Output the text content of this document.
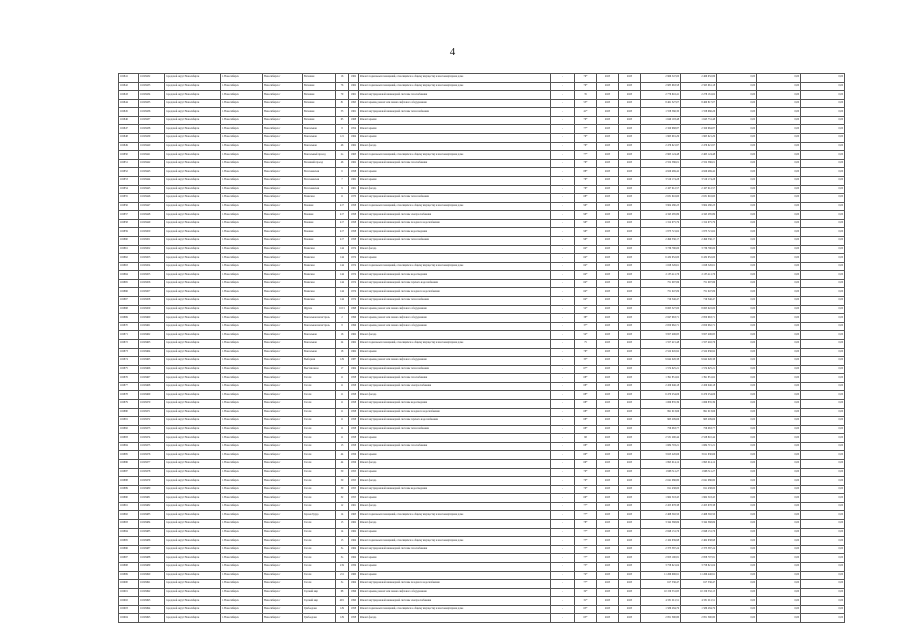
4
102841	11028432	городской округ Новосибирск	г. Новосибирск	Новосибирск г	Вагонная	16	1962	Ремонт подвальных помещений, относящихся к общему имуществу в многоквартирном доме	-	79*	2023	2023	2 966 547,00	2 466 932,86	0,00	0,00	0,00
102842	11028433	городской округ Новосибирск	г. Новосибирск	Новосибирск г	Вагонная	76	1962	Ремонт подвальных помещений, относящихся к общему имуществу в многоквартирном доме	-	79*	2023	2023	2 985 663,58	2 565 661,18	0,00	0,00	0,00
102843	11028434	городской округ Новосибирск	г. Новосибирск	Новосибирск г	Вагонная	79	1961	Ремонт внутридомовой инженерной системы газоснабжения	-	35	2023	2023	2 776 616,41	2 278 161,62	0,00	0,00	0,00
102844	11028435	городской округ Новосибирск	г. Новосибирск	Новосибирск г	Вагонная	81	1995	Ремонт крыши, ремонт или замена лифтового оборудования	-	53*	2023	2023	8 461 327,07	8 460 817,07	0,00	0,00	0,00
102845	11028436	городской округ Новосибирск	г. Новосибирск	Новосибирск г	Вагонная	53	1961	Ремонт внутридомовой инженерной системы теплоснабжения	-	41*	2023	2023	1 558 566,30	1 558 966,26	0,00	0,00	0,00
102846	11028437	городской округ Новосибирск	г. Новосибирск	Новосибирск г	Вагонная	65	1968	Ремонт крыши	-	79*	2023	2023	1 649 193,48	1 643 731,48	0,00	0,00	0,00
102847	11028438	городской округ Новосибирск	г. Новосибирск	Новосибирск г	Вокзальная	8	1954	Ремонт крыши	-	77*	2023	2023	2 320 968,87	2 320 964,87	0,00	0,00	0,00
102848	11028439	городской округ Новосибирск	г. Новосибирск	Новосибирск г	Вокзальная	121	1964	Ремонт крыши	-	79*	2023	2023	1 965 991,29	1 965 621,29	0,00	0,00	0,00
102849	11028440	городской округ Новосибирск	г. Новосибирск	Новосибирск г	Вокзальная	46	1962	Ремонт фасада	-	76*	2023	2023	2 476 621,97	2 476 621,97	0,00	0,00	0,00
102850	11028441	городской округ Новосибирск	г. Новосибирск	Новосибирск г	Вокзальный проезд	2а	1963	Ремонт подвальных помещений, относящихся к общему имуществу в многоквартирном доме	-	77*	2023	2023	2 965 124,48	2 465 124,48	0,00	0,00	0,00
102851	11028442	городской округ Новосибирск	г. Новосибирск	Новосибирск г	Весенний проезд	46	1962	Ремонт внутридомовой инженерной системы газоснабжения	-	76*	2023	2023	2 552 586,01	2 552 586,01	0,00	0,00	0,00
102852	11028443	городской округ Новосибирск	г. Новосибирск	Новосибирск г	Волочаевская	6	1958	Ремонт крыши	-	88*	2023	2023	4 929 469,42	4 929 469,42	0,00	0,00	0,00
102853	11028444	городской округ Новосибирск	г. Новосибирск	Новосибирск г	Волочаевская	7	1962	Ремонт крыши	-	76*	2023	2023	3 519 174,28	3 519 174,28	0,00	0,00	0,00
102854	11028445	городской округ Новосибирск	г. Новосибирск	Новосибирск г	Волочаевская	9	1961	Ремонт фасада	-	76*	2023	2023	2 167 912,57	2 167 912,57	0,00	0,00	0,00
102855	11028446	городской округ Новосибирск	г. Новосибирск	Новосибирск г	Воинская	11	1970	Ремонт внутридомовой инженерной системы теплоснабжения	-	68*	2023	2023	2 631 616,60	2 631 616,60	0,00	0,00	0,00
102856	11028447	городской округ Новосибирск	г. Новосибирск	Новосибирск г	Военная	417	1958	Ремонт подвальных помещений, относящихся к общему имуществу в многоквартирном доме	-	96*	2023	2023	3 904 280,23	3 904 280,23	0,00	0,00	0,00
102857	11028448	городской округ Новосибирск	г. Новосибирск	Новосибирск г	Военная	417	1958	Ремонт внутридомовой инженерной системы электроснабжения	-	96*	2023	2023	4 345 285,89	4 345 285,89	0,00	0,00	0,00
102858	11028449	городской округ Новосибирск	г. Новосибирск	Новосибирск г	Военная	417	1958	Ремонт внутридомовой инженерной системы холодного водоснабжения	-	96*	2023	2023	1 312 975,79	1 312 975,79	0,00	0,00	0,00
102859	11028450	городской округ Новосибирск	г. Новосибирск	Новосибирск г	Военная	417	1958	Ремонт внутридомовой инженерной системы водоотведения	-	96*	2023	2023	1 973 721,62	1 973 721,62	0,00	0,00	0,00
102860	11028451	городской округ Новосибирск	г. Новосибирск	Новосибирск г	Военная	417	1958	Ремонт внутридомовой инженерной системы теплоснабжения	-	96*	2023	2023	2 499 336,17	2 499 336,17	0,00	0,00	0,00
102861	11028452	городской округ Новосибирск	г. Новосибирск	Новосибирск г	Воинская	144	1974	Ремонт фасада	-	64*	2023	2023	3 736 790,00	3 736 790,00	0,00	0,00	0,00
102862	11028453	городской округ Новосибирск	г. Новосибирск	Новосибирск г	Воинская	144	1974	Ремонт крыши	-	64*	2023	2023	6 432 952,00	6 432 952,00	0,00	0,00	0,00
102863	11028454	городской округ Новосибирск	г. Новосибирск	Новосибирск г	Воинская	144	1974	Ремонт подвальных помещений, относящихся к общему имуществу в многоквартирном доме	-	64*	2023	2023	1 028 526,61	1 028 526,61	0,00	0,00	0,00
102864	11028455	городской округ Новосибирск	г. Новосибирск	Новосибирск г	Воинская	144	1974	Ремонт внутридомовой инженерной системы водоотведения	-	64*	2023	2023	2 135 411,76	2 135 411,76	0,00	0,00	0,00
102865	11028456	городской округ Новосибирск	г. Новосибирск	Новосибирск г	Воинская	144	1974	Ремонт внутридомовой инженерной системы горячего водоснабжения	-	64*	2023	2023	751 097,86	751 097,86	0,00	0,00	0,00
102866	11028457	городской округ Новосибирск	г. Новосибирск	Новосибирск г	Воинская	144	1974	Ремонт внутридомовой инженерной системы холодного водоснабжения	-	64*	2023	2023	751 047,09	751 047,09	0,00	0,00	0,00
102867	11028458	городской округ Новосибирск	г. Новосибирск	Новосибирск г	Воинская	144	1974	Ремонт внутридомовой инженерной системы теплоснабжения	-	64*	2023	2023	719 346,47	719 346,47	0,00	0,00	0,00
102868	11028459	городской округ Новосибирск	г. Новосибирск	Новосибирск г	Фрунзе	110/1	1998	Ремонт крыши, ремонт или замена лифтового оборудования	-	52*	2023	2023	8 065 327,00	8 065 922,00	0,00	0,00	0,00
102869	11028460	городской округ Новосибирск	г. Новосибирск	Новосибирск г	Вокзальная магистраль	2	1996	Ремонт крыши, ремонт или замена лифтового оборудования	-	38*	2023	2023	2 847 963,71	2 850 663,71	0,00	0,00	0,00
102870	11028461	городской округ Новосибирск	г. Новосибирск	Новосибирск г	Вокзальная магистраль	8	1996	Ремонт крыши, ремонт или замена лифтового оборудования	-	37*	2023	2023	2 650 962,71	2 650 962,71	0,00	0,00	0,00
102871	11028462	городской округ Новосибирск	г. Новосибирск	Новосибирск г	Вокзальная	16	1962	Ремонт фасада	-	54*	2023	2023	3 957 406,85	3 957 406,85	0,00	0,00	0,00
102872	11028463	городской округ Новосибирск	г. Новосибирск	Новосибирск г	Вокзальная	24	1962	Ремонт подвальных помещений, относящихся к общему имуществу в многоквартирном доме	-	75	2023	2023	1 557 415,48	1 557 402,76	0,00	0,00	0,00
102873	11028464	городской округ Новосибирск	г. Новосибирск	Новосибирск г	Вокзальная	18	1962	Ремонт крыши	-	76*	2023	2023	2 522 945,92	2 522 936,92	0,00	0,00	0,00
102874	11028465	городской округ Новосибирск	г. Новосибирск	Новосибирск г	Выборная	129	1987	Ремонт крыши, ремонт или замена лифтового оборудования	-	35*	2023	2023	9 642 026,38	9 642 026,38	0,00	0,00	0,00
102875	11028466	городской округ Новосибирск	г. Новосибирск	Новосибирск г	Выставочная	17	1964	Ремонт внутридомовой инженерной системы теплоснабжения	-	67*	2023	2023	1 574 625,21	1 574 625,21	0,00	0,00	0,00
102876	11028467	городской округ Новосибирск	г. Новосибирск	Новосибирск г	Гоголя	11	1958	Ремонт внутридомовой инженерной системы газоснабжения	-	68*	2023	2023	1 391 851,62	1 391 851,62	0,00	0,00	0,00
102877	11028468	городской округ Новосибирск	г. Новосибирск	Новосибирск г	Гоголя	11	1958	Ремонт внутридомовой инженерной системы электроснабжения	-	68*	2023	2023	2 459 046,18	2 459 046,18	0,00	0,00	0,00
102878	11028469	городской округ Новосибирск	г. Новосибирск	Новосибирск г	Гоголя	11	1958	Ремонт фасада	-	68*	2023	2023	6 470 254,06	6 470 254,06	0,00	0,00	0,00
102879	11028470	городской округ Новосибирск	г. Новосибирск	Новосибирск г	Гоголя	11	1958	Ремонт внутридомовой инженерной системы водоотведения	-	68*	2023	2023	1 069 835,39	1 069 835,39	0,00	0,00	0,00
102880	11028471	городской округ Новосибирск	г. Новосибирск	Новосибирск г	Гоголя	11	1958	Ремонт внутридомовой инженерной системы холодного водоснабжения	-	68*	2023	2023	991 013,66	991 013,66	0,00	0,00	0,00
102881	11028472	городской округ Новосибирск	г. Новосибирск	Новосибирск г	Гоголя	11	1958	Ремонт внутридомовой инженерной системы горячего водоснабжения	-	68*	2023	2023	963 209,66	963 209,66	0,00	0,00	0,00
102882	11028473	городской округ Новосибирск	г. Новосибирск	Новосибирск г	Гоголя	11	1958	Ремонт внутридомовой инженерной системы теплоснабжения	-	68*	2023	2023	756 063,77	756 063,77	0,00	0,00	0,00
102883	11028474	городской округ Новосибирск	г. Новосибирск	Новосибирск г	Гоголя	11	1958	Ремонт крыши	-	68	2023	2023	2 531 290,44	2 528 810,44	0,00	0,00	0,00
102884	11028475	городской округ Новосибирск	г. Новосибирск	Новосибирск г	Гоголя	13	1958	Ремонт внутридомовой инженерной системы газоснабжения	-	68*	2023	2023	1 684 703,21	1 684 715,21	0,00	0,00	0,00
102885	11028476	городской округ Новосибирск	г. Новосибирск	Новосибирск г	Гоголя	44	1956	Ремонт крыши	-	69*	2023	2023	3 623 220,66	3 611 630,66	0,00	0,00	0,00
102886	11028477	городской округ Новосибирск	г. Новосибирск	Новосибирск г	Гоголя	44	1956	Ремонт фасада	-	69*	2023	2023	1 995 014,12	1 995 014,12	0,00	0,00	0,00
102887	11028478	городской округ Новосибирск	г. Новосибирск	Новосибирск г	Гоголя	50	1955	Ремонт крыши	-	70*	2023	2023	1 968 511,27	1 968 511,27	0,00	0,00	0,00
102888	11028479	городской округ Новосибирск	г. Новосибирск	Новосибирск г	Гоголя	50	1955	Ремонт фасада	-	70*	2023	2023	2 041 086,80	2 041 086,80	0,00	0,00	0,00
102889	11028480	городской округ Новосибирск	г. Новосибирск	Новосибирск г	Гоголя	30	1955	Ремонт внутридомовой инженерной системы водоотведения	-	70*	2023	2023	811 438,00	811 438,00	0,00	0,00	0,00
102890	11028481	городской округ Новосибирск	г. Новосибирск	Новосибирск г	Гоголя	32	1955	Ремонт крыши	-	69*	2023	2023	1 962 518,45	1 962 518,45	0,00	0,00	0,00
102891	11028482	городской округ Новосибирск	г. Новосибирск	Новосибирск г	Гоголя	12	1961	Ремонт фасада	-	77*	2023	2023	2 455 678,38	2 455 678,38	0,00	0,00	0,00
102892	11028483	городской округ Новосибирск	г. Новосибирск	Новосибирск г	Героев Труда	14	1963	Ремонт подвальных помещений, относящихся к общему имуществу в многоквартирном доме	-	77*	2023	2023	2 468 592,50	2 468 592,50	0,00	0,00	0,00
102893	11028484	городской округ Новосибирск	г. Новосибирск	Новосибирск г	Гоголя	15	1962	Ремонт фасада	-	78*	2023	2023	3 342 368,69	3 342 368,69	0,00	0,00	0,00
102894	11028485	городской округ Новосибирск	г. Новосибирск	Новосибирск г	Гоголя	14	1962	Ремонт крыши	-	77*	2023	2023	2 848 131,76	2 848 131,76	0,00	0,00	0,00
102895	11028486	городской округ Новосибирск	г. Новосибирск	Новосибирск г	Гоголя	13	1964	Ремонт подвальных помещений, относящихся к общему имуществу в многоквартирном доме	-	77*	2023	2023	2 162 639,98	2 462 638,98	0,00	0,00	0,00
102896	11028487	городской округ Новосибирск	г. Новосибирск	Новосибирск г	Гоголя	3а	1964	Ремонт внутридомовой инженерной системы газоснабжения	-	77*	2023	2023	2 373 387,24	2 373 387,24	0,00	0,00	0,00
102897	11028488	городской округ Новосибирск	г. Новосибирск	Новосибирск г	Гоголя	3а	1964	Ремонт крыши	-	77*	2023	2023	2 953 190,81	2 858 707,81	0,00	0,00	0,00
102898	11028489	городской округ Новосибирск	г. Новосибирск	Новосибирск г	Гоголя	219	1959	Ремонт крыши	-	75*	2023	2023	3 758 621,04	3 758 821,04	0,00	0,00	0,00
102899	11028490	городской округ Новосибирск	г. Новосибирск	Новосибирск г	Гоголя	211	1960	Ремонт крыши	-	74*	2023	2023	11 266 996,91	11 266 446,91	0,00	0,00	0,00
102900	11028491	городской округ Новосибирск	г. Новосибирск	Новосибирск г	Гоголя	3а	1964	Ремонт внутридомовой инженерной системы холодного водоснабжения	-	77*	2023	2023	617 536,47	617 536,47	0,00	0,00	0,00
102901	11028492	городской округ Новосибирск	г. Новосибирск	Новосибирск г	Горский мкр	68	1996	Ремонт крыши, ремонт или замена лифтового оборудования	-	32*	2023	2023	10 159 531,85	10 159 532,15	0,00	0,00	0,00
102902	11028493	городской округ Новосибирск	г. Новосибирск	Новосибирск г	Горский мкр	40/1	1990	Ремонт внутридомовой инженерной системы электроснабжения	-	31*	2023	2023	4 331 911,51	4 331 911,51	0,00	0,00	0,00
102903	11028494	городской округ Новосибирск	г. Новосибирск	Новосибирск г	Грибоедова	129	1958	Ремонт подвальных помещений, относящихся к общему имуществу в многоквартирном доме	-	65*	2023	2023	1 586 284,79	1 586 284,79	0,00	0,00	0,00
102904	11028495	городской округ Новосибирск	г. Новосибирск	Новосибирск г	Грибоедова	129	1958	Ремонт фасада	-	65*	2023	2023	2 851 390,80	2 851 390,80	0,00	0,00	0,00
